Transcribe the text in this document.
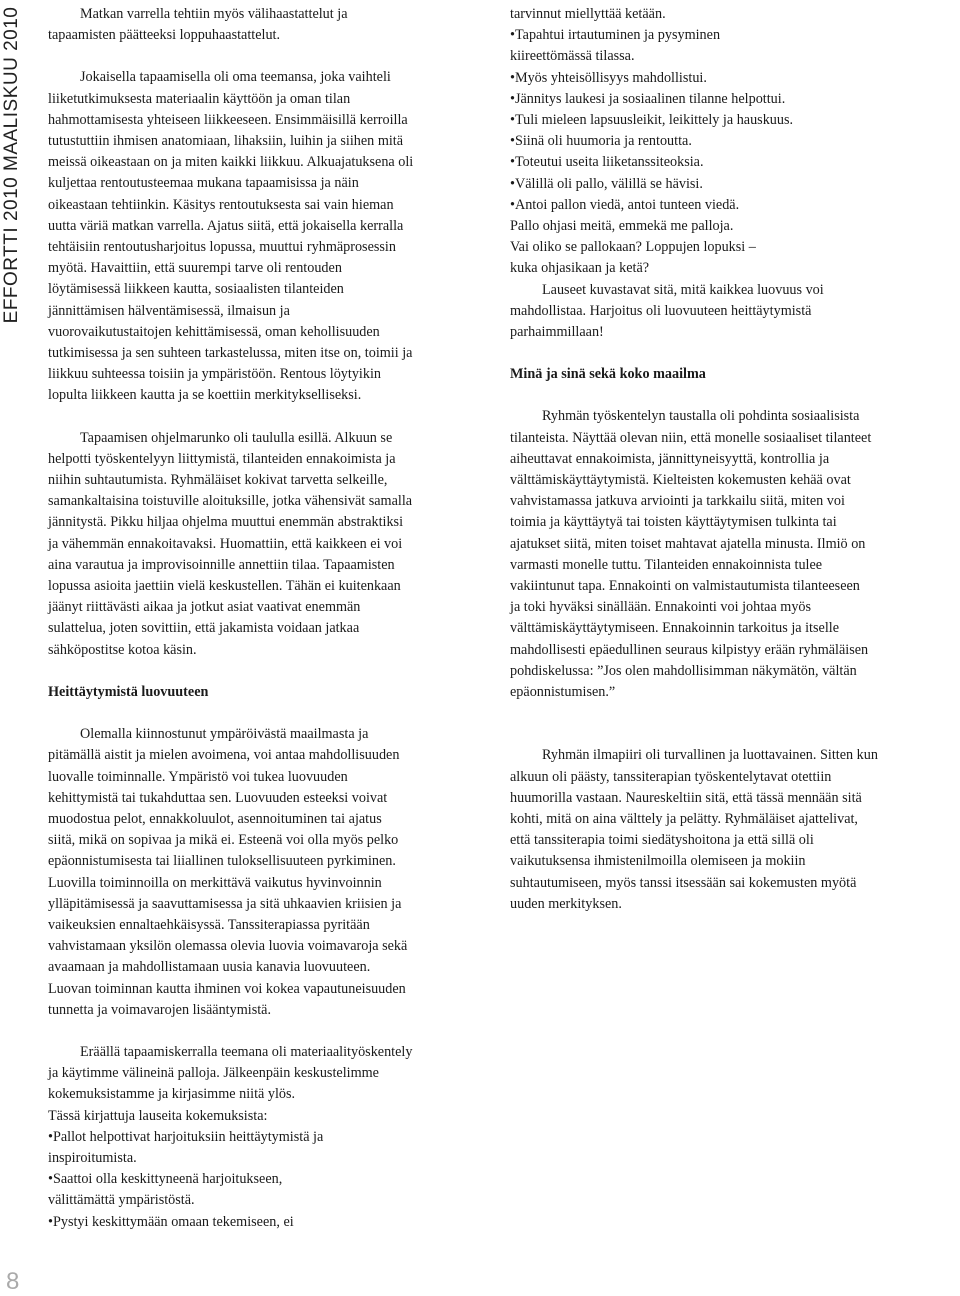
EFFORTTI 2010 MAALISKUU 2010
8

Matkan varrella tehtiin myös välihaastattelut ja

tapaamisten päätteeksi loppuhaastattelut.

Jokaisella tapaamisella oli oma teemansa, joka vaihteli

liiketutkimuksesta materiaalin käyttöön ja oman tilan

hahmottamisesta yhteiseen liikkeeseen. Ensimmäisillä kerroilla

tutustuttiin ihmisen anatomiaan, lihaksiin, luihin ja siihen mitä

meissä oikeastaan on ja miten kaikki liikkuu. Alkuajatuksena oli

kuljettaa rentoutusteemaa mukana tapaamisissa ja näin

oikeastaan tehtiinkin. Käsitys rentoutuksesta sai vain hieman

uutta väriä matkan varrella. Ajatus siitä, että jokaisella kerralla

tehtäisiin rentoutusharjoitus lopussa, muuttui ryhmäprosessin

myötä. Havaittiin, että suurempi tarve oli rentouden

löytämisessä liikkeen kautta, sosiaalisten tilanteiden

jännittämisen hälventämisessä, ilmaisun ja

vuorovaikutustaitojen kehittämisessä, oman kehollisuuden

tutkimisessa ja sen suhteen tarkastelussa, miten itse on, toimii ja

liikkuu suhteessa toisiin ja ympäristöön. Rentous löytyikin

lopulta liikkeen kautta ja se koettiin merkitykselliseksi.

Tapaamisen ohjelmarunko oli taululla esillä. Alkuun se

helpotti työskentelyyn liittymistä, tilanteiden ennakoimista ja

niihin suhtautumista. Ryhmäläiset kokivat tarvetta selkeille,

samankaltaisina toistuville aloituksille, jotka vähensivät samalla

jännitystä. Pikku hiljaa ohjelma muuttui enemmän abstraktiksi

ja vähemmän ennakoitavaksi. Huomattiin, että kaikkeen ei voi

aina varautua ja improvisoinnille annettiin tilaa. Tapaamisten

lopussa asioita jaettiin vielä keskustellen. Tähän ei kuitenkaan

jäänyt riittävästi aikaa ja jotkut asiat vaativat enemmän

sulattelua, joten sovittiin, että jakamista voidaan jatkaa

sähköpostitse kotoa käsin.

Heittäytymistä luovuuteen

Olemalla kiinnostunut ympäröivästä maailmasta ja

pitämällä aistit ja mielen avoimena, voi antaa mahdollisuuden

luovalle toiminnalle. Ympäristö voi tukea luovuuden

kehittymistä tai tukahduttaa sen. Luovuuden esteeksi voivat

muodostua pelot, ennakkoluulot, asennoituminen tai ajatus

siitä, mikä on sopivaa ja mikä ei. Esteenä voi olla myös pelko

epäonnistumisesta tai liiallinen tuloksellisuuteen pyrkiminen.

Luovilla toiminnoilla on merkittävä vaikutus hyvinvoinnin

ylläpitämisessä ja saavuttamisessa ja sitä uhkaavien kriisien ja

vaikeuksien ennaltaehkäisyssä. Tanssiterapiassa pyritään

vahvistamaan yksilön olemassa olevia luovia voimavaroja sekä

avaamaan ja mahdollistamaan uusia kanavia luovuuteen.

Luovan toiminnan kautta ihminen voi kokea vapautuneisuuden

tunnetta ja voimavarojen lisääntymistä.

Eräällä tapaamiskerralla teemana oli materiaalityöskentely

ja käytimme välineinä palloja. Jälkeenpäin keskustelimme

kokemuksistamme ja kirjasimme niitä ylös.

Tässä kirjattuja lauseita kokemuksista:

•Pallot helpottivat harjoituksiin heittäytymistä ja

inspiroitumista.

•Saattoi olla keskittyneenä harjoitukseen,

välittämättä ympäristöstä.

•Pystyi keskittymään omaan tekemiseen, ei

tarvinnut miellyttää ketään.

•Tapahtui irtautuminen ja pysyminen

kiireettömässä tilassa.

•Myös yhteisöllisyys mahdollistui.

•Jännitys laukesi ja sosiaalinen tilanne helpottui.

•Tuli mieleen lapsuusleikit, leikittely ja hauskuus.

•Siinä oli huumoria ja rentoutta.

•Toteutui useita liiketanssiteoksia.

•Välillä oli pallo, välillä se hävisi.

•Antoi pallon viedä, antoi tunteen viedä.

Pallo ohjasi meitä, emmekä me palloja.

Vai oliko se pallokaan? Loppujen lopuksi –

kuka ohjasikaan ja ketä?

Lauseet kuvastavat sitä, mitä kaikkea luovuus voi

mahdollistaa. Harjoitus oli luovuuteen heittäytymistä

parhaimmillaan!

Minä ja sinä sekä koko maailma

Ryhmän työskentelyn taustalla oli pohdinta sosiaalisista

tilanteista. Näyttää olevan niin, että monelle sosiaaliset tilanteet

aiheuttavat ennakoimista, jännittyneisyyttä, kontrollia ja

välttämiskäyttäytymistä. Kielteisten kokemusten kehää ovat

vahvistamassa jatkuva arviointi ja tarkkailu siitä, miten voi

toimia ja käyttäytyä tai toisten käyttäytymisen tulkinta tai

ajatukset siitä, miten toiset mahtavat ajatella minusta. Ilmiö on

varmasti monelle tuttu. Tilanteiden ennakoinnista tulee

vakiintunut tapa. Ennakointi on valmistautumista tilanteeseen

ja toki hyväksi sinällään. Ennakointi voi johtaa myös

välttämiskäyttäytymiseen. Ennakoinnin tarkoitus ja itselle

mahdollisesti epäedullinen seuraus kilpistyy erään ryhmäläisen

pohdiskelussa: ”Jos olen mahdollisimman näkymätön, vältän

epäonnistumisen.”

Ryhmän ilmapiiri oli turvallinen ja luottavainen. Sitten kun

alkuun oli päästy, tanssiterapian työskentelytavat otettiin

huumorilla vastaan. Naureskeltiin sitä, että tässä mennään sitä

kohti, mitä on aina välttely ja pelätty. Ryhmäläiset ajattelivat,

että tanssiterapia toimi siedätyshoitona ja että sillä oli

vaikutuksensa ihmistenilmoilla olemiseen ja mokiin

suhtautumiseen, myös tanssi itsessään sai kokemusten myötä

uuden merkityksen.
